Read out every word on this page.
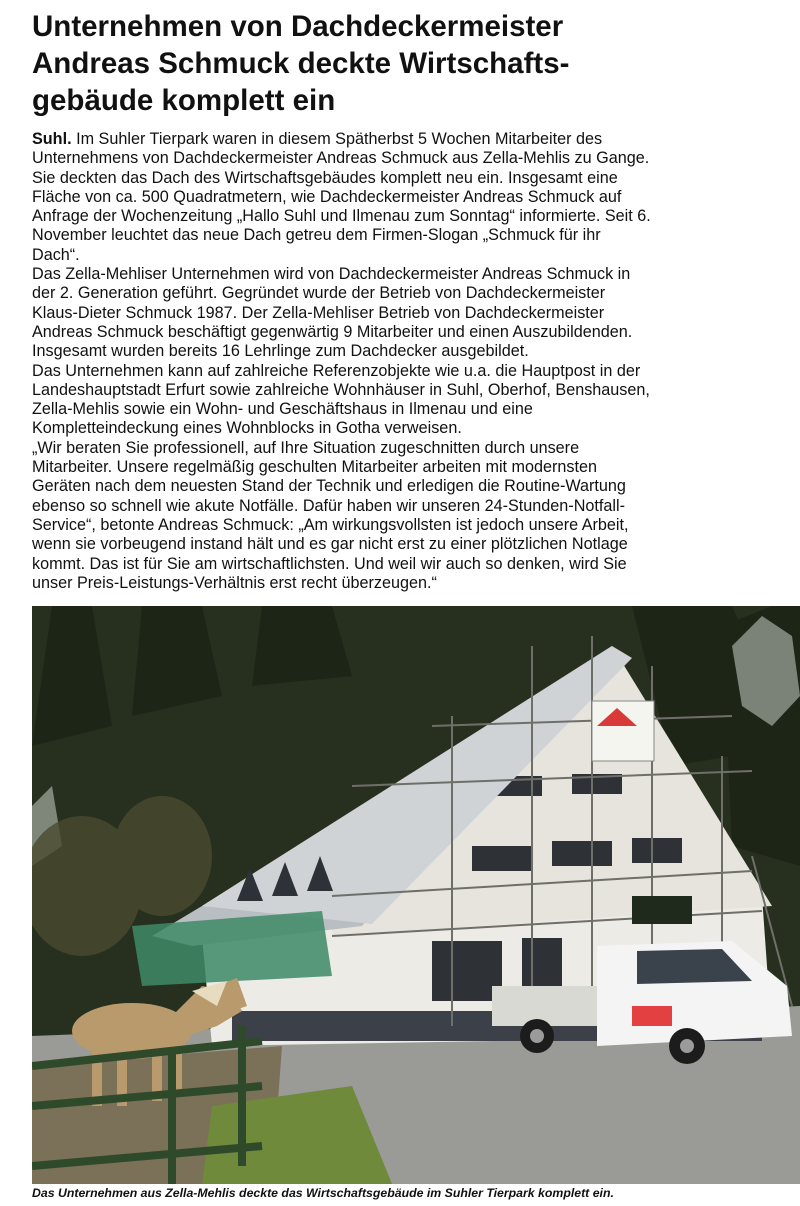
Unternehmen von Dachdeckermeister
Andreas Schmuck deckte Wirtschafts-
gebäude komplett ein
Suhl. Im Suhler Tierpark waren in diesem Spätherbst 5 Wochen Mitarbeiter des
Unternehmens von Dachdeckermeister Andreas Schmuck aus Zella-Mehlis zu Gange.
Sie deckten das Dach des Wirtschaftsgebäudes komplett neu ein. Insgesamt eine
Fläche von ca. 500 Quadratmetern, wie Dachdeckermeister Andreas Schmuck auf
Anfrage der Wochenzeitung „Hallo Suhl und Ilmenau zum Sonntag“ informierte. Seit 6.
November leuchtet das neue Dach getreu dem Firmen-Slogan „Schmuck für ihr
Dach“.
Das Zella-Mehliser Unternehmen wird von Dachdeckermeister Andreas Schmuck in
der 2. Generation geführt. Gegründet wurde der Betrieb von Dachdeckermeister
Klaus-Dieter Schmuck 1987. Der Zella-Mehliser Betrieb von Dachdeckermeister
Andreas Schmuck beschäftigt gegenwärtig 9 Mitarbeiter und einen Auszubildenden.
Insgesamt wurden bereits 16 Lehrlinge zum Dachdecker ausgebildet.
Das Unternehmen kann auf zahlreiche Referenzobjekte wie u.a. die Hauptpost in der
Landeshauptstadt Erfurt sowie zahlreiche Wohnhäuser in Suhl, Oberhof, Benshausen,
Zella-Mehlis sowie ein Wohn- und Geschäftshaus in Ilmenau und eine
Kompletteindeckung eines Wohnblocks in Gotha verweisen.
„Wir beraten Sie professionell, auf Ihre Situation zugeschnitten durch unsere
Mitarbeiter. Unsere regelmäßig geschulten Mitarbeiter arbeiten mit modernsten
Geräten nach dem neuesten Stand der Technik und erledigen die Routine-Wartung
ebenso so schnell wie akute Notfälle. Dafür haben wir unseren 24-Stunden-Notfall-
Service“, betonte Andreas Schmuck: „Am wirkungsvollsten ist jedoch unsere Arbeit,
wenn sie vorbeugend instand hält und es gar nicht erst zu einer plötzlichen Notlage
kommt. Das ist für Sie am wirtschaftlichsten. Und weil wir auch so denken, wird Sie
unser Preis-Leistungs-Verhältnis erst recht überzeugen.“
Das Unternehmen aus Zella-Mehlis deckte das Wirtschaftsgebäude im Suhler Tierpark komplett ein.
